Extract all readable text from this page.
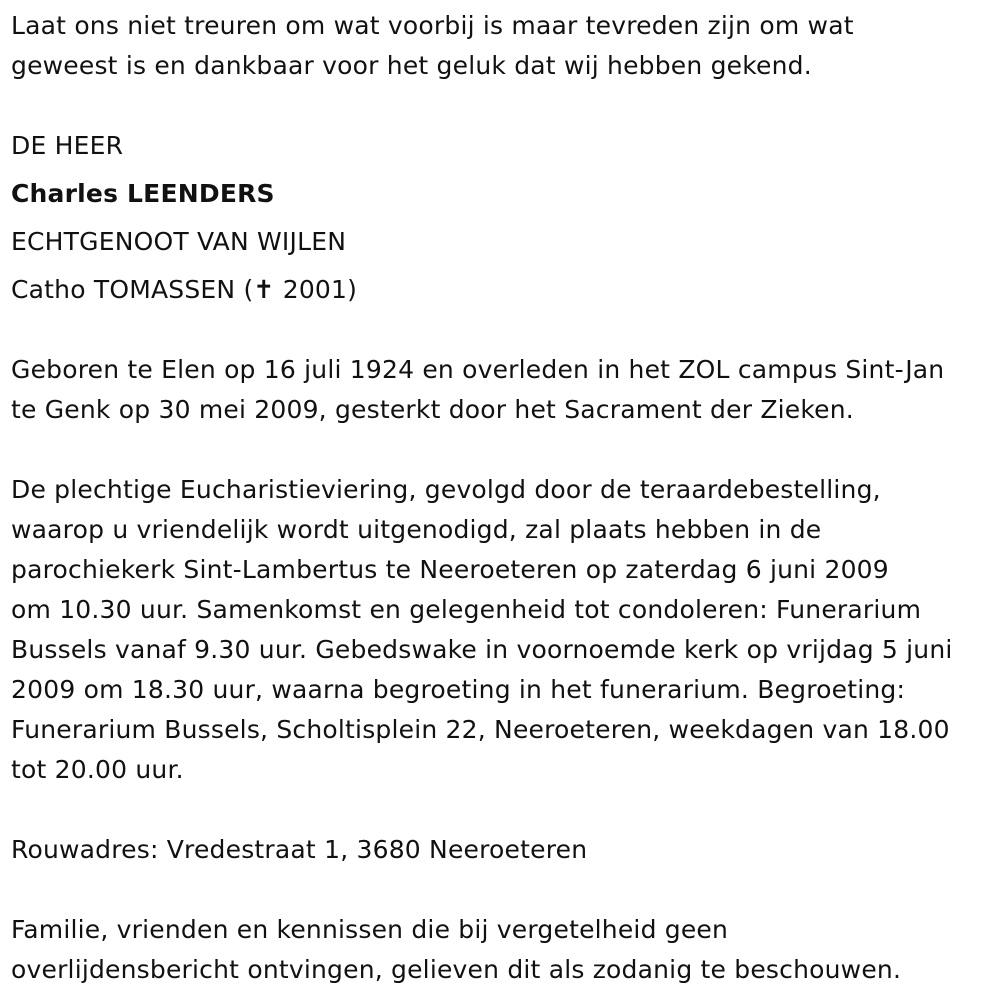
Laat ons niet treuren om wat voorbij is maar tevreden zijn om wat
geweest is en dankbaar voor het geluk dat wij hebben gekend.
DE HEER
Charles LEENDERS
ECHTGENOOT VAN WIJLEN
Catho TOMASSEN (✝ 2001)
Geboren te Elen op 16 juli 1924 en overleden in het ZOL campus Sint-Jan
te Genk op 30 mei 2009, gesterkt door het Sacrament der Zieken.
De plechtige Eucharistieviering, gevolgd door de teraardebestelling,
waarop u vriendelijk wordt uitgenodigd, zal plaats hebben in de
parochiekerk Sint-Lambertus te Neeroeteren op zaterdag 6 juni 2009
om 10.30 uur. Samenkomst en gelegenheid tot condoleren: Funerarium
Bussels vanaf 9.30 uur. Gebedswake in voornoemde kerk op vrijdag 5 juni
2009 om 18.30 uur, waarna begroeting in het funerarium. Begroeting:
Funerarium Bussels, Scholtisplein 22, Neeroeteren, weekdagen van 18.00
tot 20.00 uur.
Rouwadres: Vredestraat 1, 3680 Neeroeteren
Familie, vrienden en kennissen die bij vergetelheid geen
overlijdensbericht ontvingen, gelieven dit als zodanig te beschouwen.
